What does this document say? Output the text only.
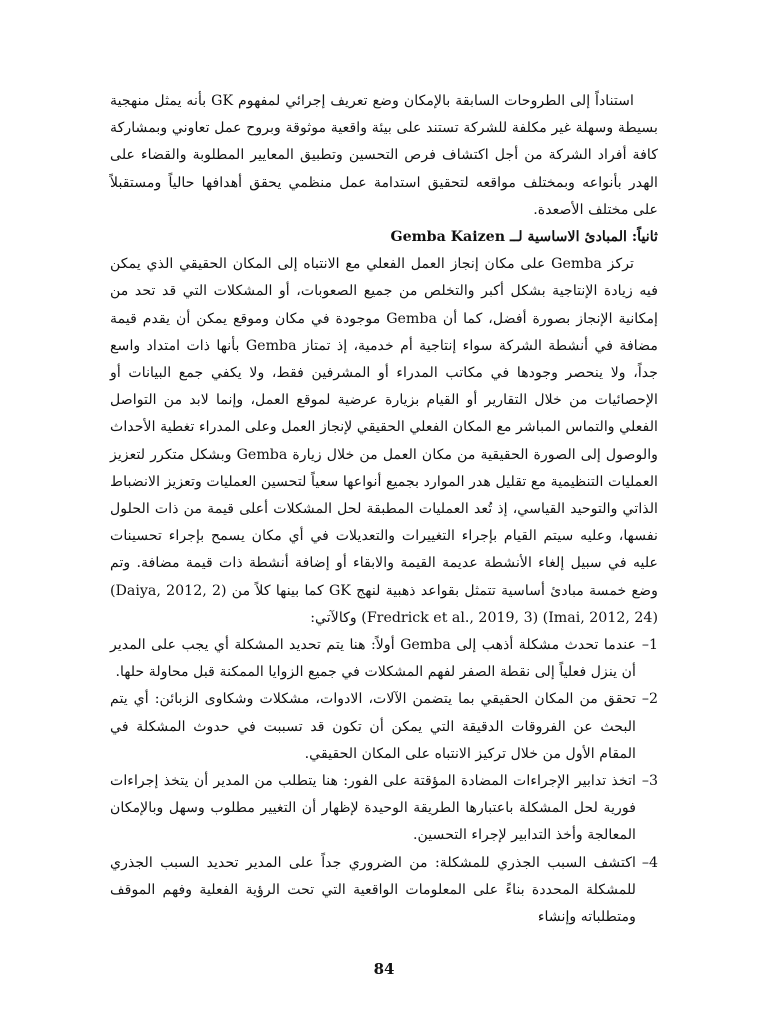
استناداً إلى الطروحات السابقة بالإمكان وضع تعريف إجرائي لمفهوم GK بأنه يمثل منهجية بسيطة وسهلة غير مكلفة للشركة تستند على بيئة واقعية موثوقة وبروح عمل تعاوني وبمشاركة كافة أفراد الشركة من أجل اكتشاف فرص التحسين وتطبيق المعايير المطلوبة والقضاء على الهدر بأنواعه وبمختلف مواقعه لتحقيق استدامة عمل منظمي يحقق أهدافها حالياً ومستقبلاً على مختلف الأصعدة.

ثانياً: المبادئ الاساسية لــ Gemba Kaizen

تركز Gemba على مكان إنجاز العمل الفعلي مع الانتباه إلى المكان الحقيقي الذي يمكن فيه زيادة الإنتاجية بشكل أكبر والتخلص من جميع الصعوبات، أو المشكلات التي قد تحد من إمكانية الإنجاز بصورة أفضل، كما أن Gemba موجودة في مكان وموقع يمكن أن يقدم قيمة مضافة في أنشطة الشركة سواء إنتاجية أم خدمية، إذ تمتاز Gemba بأنها ذات امتداد واسع جداً، ولا ينحصر وجودها في مكاتب المدراء أو المشرفين فقط، ولا يكفي جمع البيانات أو الإحصائيات من خلال التقارير أو القيام بزيارة عرضية لموقع العمل، وإنما لابد من التواصل الفعلي والتماس المباشر مع المكان الفعلي الحقيقي لإنجاز العمل وعلى المدراء تغطية الأحداث والوصول إلى الصورة الحقيقية من مكان العمل من خلال زيارة Gemba وبشكل متكرر لتعزيز العمليات التنظيمية مع تقليل هدر الموارد بجميع أنواعها سعياً لتحسين العمليات وتعزيز الانضباط الذاتي والتوحيد القياسي، إذ تُعد العمليات المطبقة لحل المشكلات أعلى قيمة من ذات الحلول نفسها، وعليه سيتم القيام بإجراء التغييرات والتعديلات في أي مكان يسمح بإجراء تحسينات عليه في سبيل إلغاء الأنشطة عديمة القيمة والابقاء أو إضافة أنشطة ذات قيمة مضافة. وتم وضع خمسة مبادئ أساسية تتمثل بقواعد ذهبية لنهج GK كما بينها كلاً من (Daiya, 2012, 2) (Imai, 2012, 24) (Fredrick et al., 2019, 3) وكالآتي:

1–
عندما تحدث مشكلة أذهب إلى Gemba أولاً: هنا يتم تحديد المشكلة أي يجب على المدير أن ينزل فعلياً إلى نقطة الصفر لفهم المشكلات في جميع الزوايا الممكنة قبل محاولة حلها.

2–
تحقق من المكان الحقيقي بما يتضمن الآلات، الادوات، مشكلات وشكاوى الزبائن: أي يتم البحث عن الفروقات الدقيقة التي يمكن أن تكون قد تسببت في حدوث المشكلة في المقام الأول من خلال تركيز الانتباه على المكان الحقيقي.

3–
اتخذ تدابير الإجراءات المضادة المؤقتة على الفور: هنا يتطلب من المدير أن يتخذ إجراءات فورية لحل المشكلة باعتبارها الطريقة الوحيدة لإظهار أن التغيير مطلوب وسهل وبالإمكان المعالجة وأخذ التدابير لإجراء التحسين.

4–
اكتشف السبب الجذري للمشكلة: من الضروري جداً على المدير تحديد السبب الجذري للمشكلة المحددة بناءً على المعلومات الواقعية التي تحت الرؤية الفعلية وفهم الموقف ومتطلباته وإنشاء

84
